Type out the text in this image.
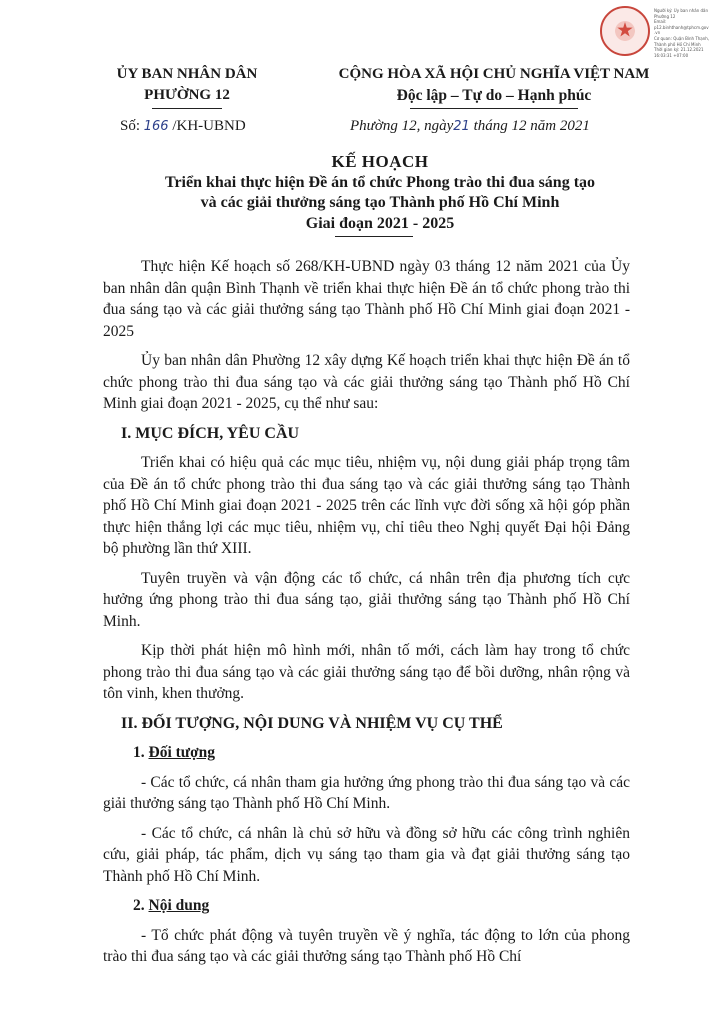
Người ký: Ủy ban nhân dân
Phường 12
Email:
p12.binhthanh@tphcm.gov
.vn
Cơ quan: Quận Bình Thạnh,
Thành phố Hồ Chí Minh
Thời gian ký: 21.12.2021
16:03:31 +07:00
ỦY BAN NHÂN DÂN
PHƯỜNG 12
CỘNG HÒA XÃ HỘI CHỦ NGHĨA VIỆT NAM
Độc lập – Tự do – Hạnh phúc
Số: 166 /KH-UBND	Phường 12, ngày21 tháng 12 năm 2021
KẾ HOẠCH
Triển khai thực hiện Đề án tổ chức Phong trào thi đua sáng tạo
và các giải thưởng sáng tạo Thành phố Hồ Chí Minh
Giai đoạn 2021 - 2025

Thực hiện Kế hoạch số 268/KH-UBND ngày 03 tháng 12 năm 2021 của Ủy ban nhân dân quận Bình Thạnh về triển khai thực hiện Đề án tổ chức phong trào thi đua sáng tạo và các giải thưởng sáng tạo Thành phố Hồ Chí Minh giai đoạn 2021 - 2025

Ủy ban nhân dân Phường 12 xây dựng Kế hoạch triển khai thực hiện Đề án tổ chức phong trào thi đua sáng tạo và các giải thưởng sáng tạo Thành phố Hồ Chí Minh giai đoạn 2021 - 2025, cụ thể như sau:

I. MỤC ĐÍCH, YÊU CẦU

Triển khai có hiệu quả các mục tiêu, nhiệm vụ, nội dung giải pháp trọng tâm của Đề án tổ chức phong trào thi đua sáng tạo và các giải thưởng sáng tạo Thành phố Hồ Chí Minh giai đoạn 2021 - 2025 trên các lĩnh vực đời sống xã hội góp phần thực hiện thắng lợi các mục tiêu, nhiệm vụ, chỉ tiêu theo Nghị quyết Đại hội Đảng bộ phường lần thứ XIII.

Tuyên truyền và vận động các tổ chức, cá nhân trên địa phương tích cực hưởng ứng phong trào thi đua sáng tạo, giải thưởng sáng tạo Thành phố Hồ Chí Minh.

Kịp thời phát hiện mô hình mới, nhân tố mới, cách làm hay trong tổ chức phong trào thi đua sáng tạo và các giải thưởng sáng tạo để bồi dưỡng, nhân rộng và tôn vinh, khen thưởng.

II. ĐỐI TƯỢNG, NỘI DUNG VÀ NHIỆM VỤ CỤ THỂ
1. Đối tượng

- Các tổ chức, cá nhân tham gia hưởng ứng phong trào thi đua sáng tạo và các giải thưởng sáng tạo Thành phố Hồ Chí Minh.

- Các tổ chức, cá nhân là chủ sở hữu và đồng sở hữu các công trình nghiên cứu, giải pháp, tác phẩm, dịch vụ sáng tạo tham gia và đạt giải thưởng sáng tạo Thành phố Hồ Chí Minh.

2. Nội dung

- Tổ chức phát động và tuyên truyền về ý nghĩa, tác động to lớn của phong trào thi đua sáng tạo và các giải thưởng sáng tạo Thành phố Hồ Chí
